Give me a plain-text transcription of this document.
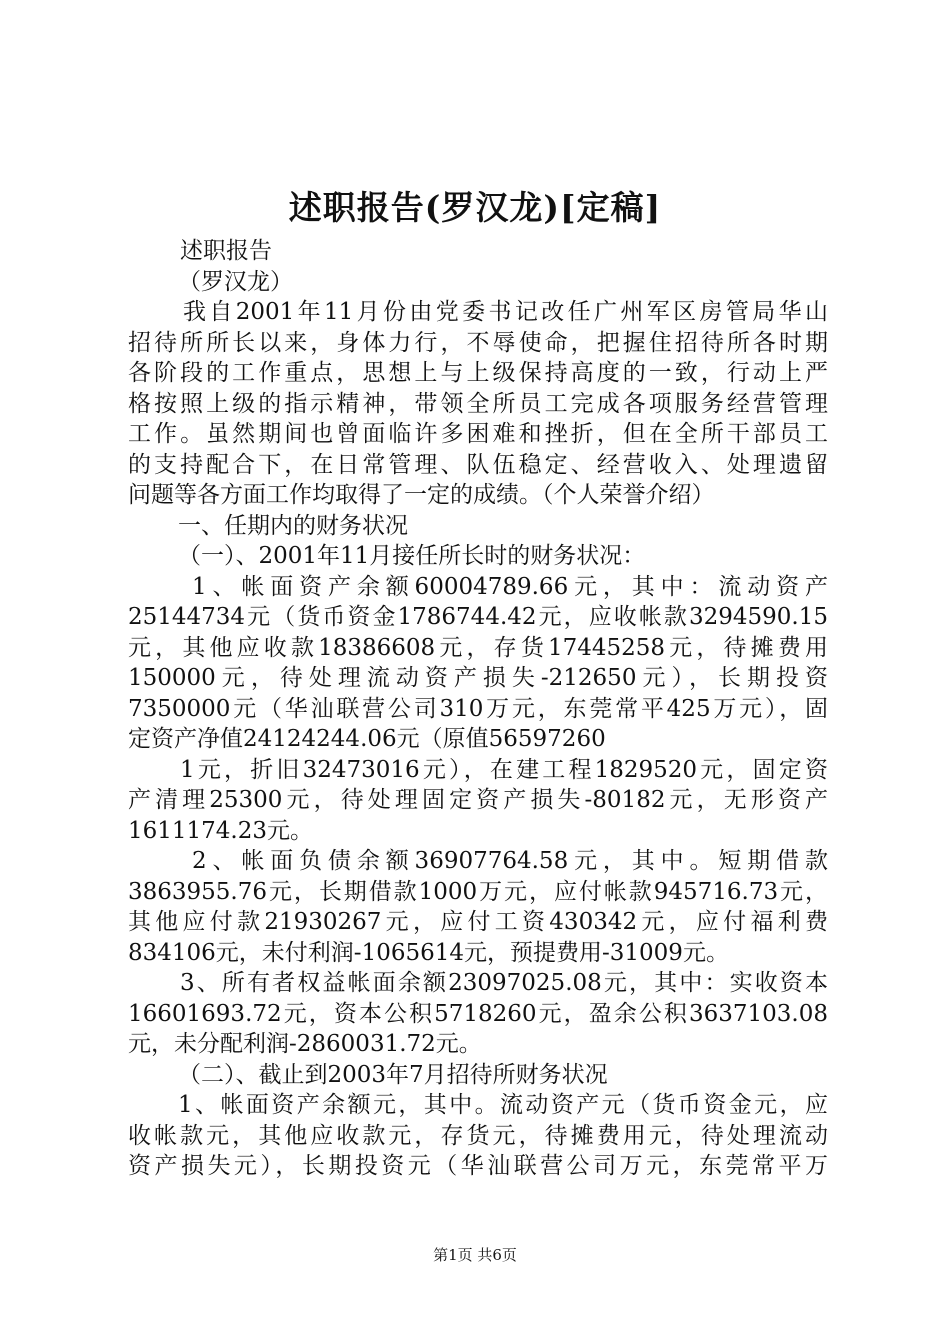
述职报告(罗汉龙)[定稿]
述职报告
（罗汉龙）
我自2001年11月份由党委书记改任广州军区房管局华山
招待所所长以来，身体力行，不辱使命，把握住招待所各时期
各阶段的工作重点，思想上与上级保持高度的一致，行动上严
格按照上级的指示精神，带领全所员工完成各项服务经营管理
工作。虽然期间也曾面临许多困难和挫折，但在全所干部员工
的支持配合下，在日常管理、队伍稳定、经营收入、处理遗留
问题等各方面工作均取得了一定的成绩。（个人荣誉介绍）
一、任期内的财务状况
（一）、2001年11月接任所长时的财务状况：
1、帐面资产余额60004789.66元，其中：流动资产
25144734元（货币资金1786744.42元，应收帐款3294590.15
元，其他应收款18386608元，存货17445258元，待摊费用
150000元，待处理流动资产损失-212650元），长期投资
7350000元（华汕联营公司310万元，东莞常平425万元），固
定资产净值24124244.06元（原值56597260
1元，折旧32473016元），在建工程1829520元，固定资
产清理25300元，待处理固定资产损失-80182元，无形资产
1611174.23元。
2、帐面负债余额36907764.58元，其中。短期借款
3863955.76元，长期借款1000万元，应付帐款945716.73元，
其他应付款21930267元，应付工资430342元，应付福利费
834106元，未付利润-1065614元，预提费用-31009元。
3、所有者权益帐面余额23097025.08元，其中：实收资本
16601693.72元，资本公积5718260元，盈余公积3637103.08
元，未分配利润-2860031.72元。
（二）、截止到2003年7月招待所财务状况
1、帐面资产余额元，其中。流动资产元（货币资金元，应
收帐款元，其他应收款元，存货元，待摊费用元，待处理流动
资产损失元），长期投资元（华汕联营公司万元，东莞常平万
第1页 共6页
